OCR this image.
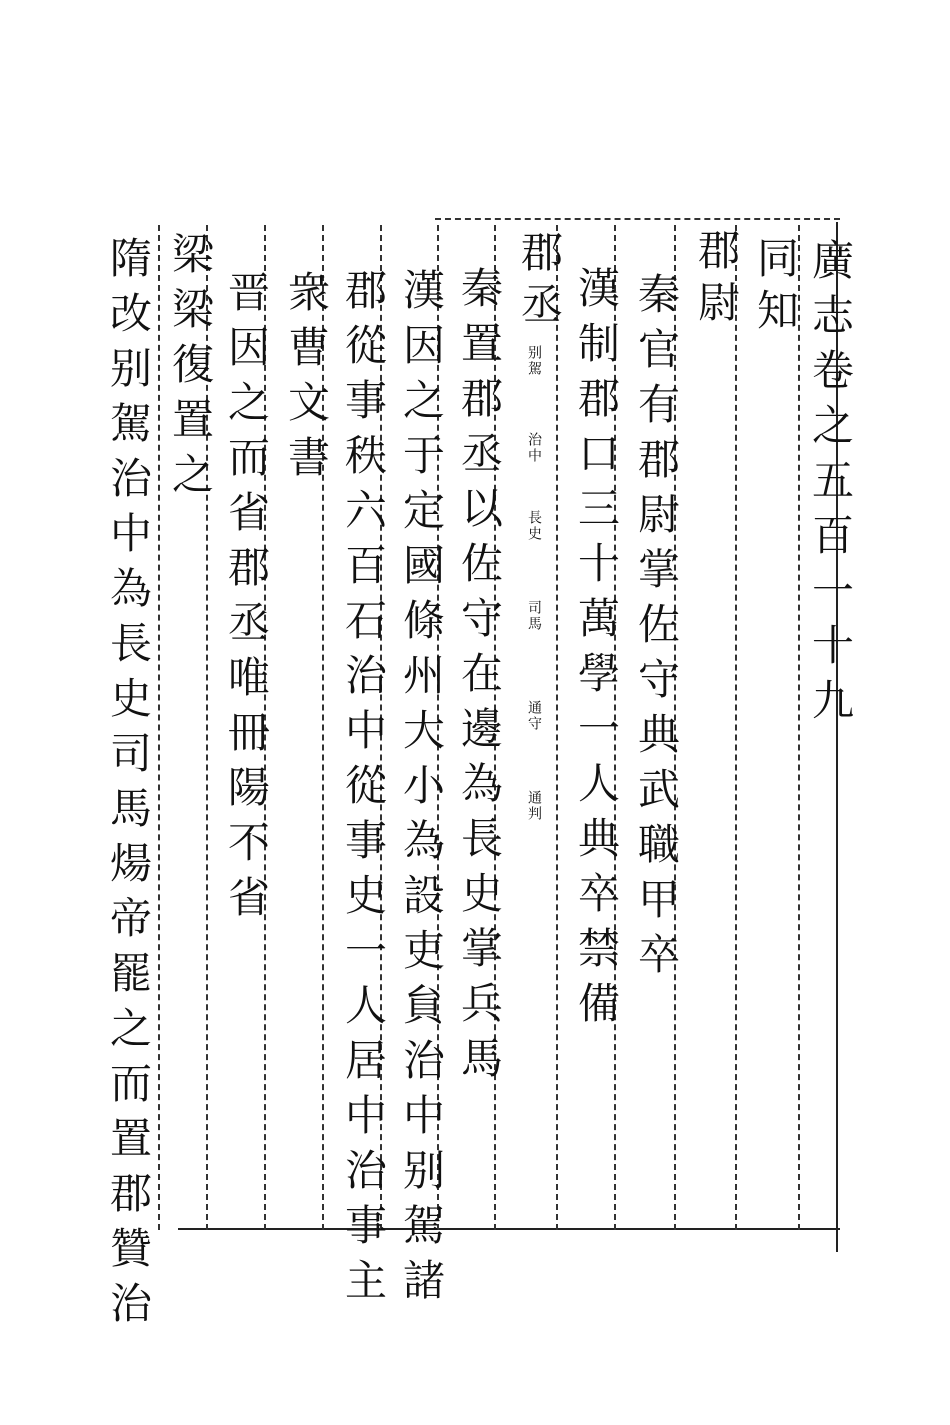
廣志卷之五百一十九
同知
郡尉
秦官有郡尉掌佐守典武職甲卒
漢制郡口三十萬學一人典卒禁備
郡丞
别駕
治中
長史
司馬
通守
通判
秦置郡丞以佐守在邊為長史掌兵馬
漢因之于定國條州大小為設吏貟治中别駕諸
郡從事秩六百石治中從事史一人居中治事主
衆曹文書
晋因之而省郡丞唯冊陽不省
梁梁復置之
隋改别駕治中為長史司馬煬帝罷之而置郡贊治
